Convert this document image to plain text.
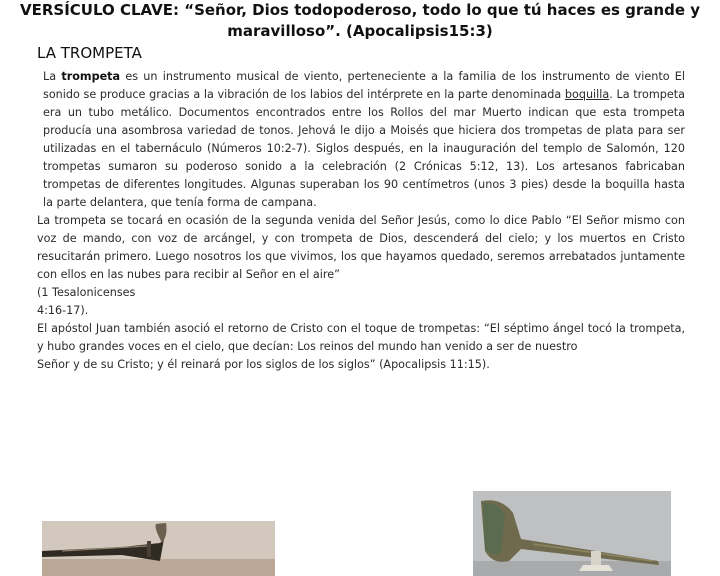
VERSÍCULO CLAVE: “Señor, Dios todopoderoso, todo lo que tú haces es grande y
maravilloso”. (Apocalipsis15:3)
LA TROMPETA

La trompeta es un instrumento musical de viento, perteneciente a la familia de los instrumento de viento El sonido se produce gracias a la vibración de los labios del intérprete en la parte denominada boquilla. La trompeta era un tubo metálico. Documentos encontrados entre los Rollos del mar Muerto indican que esta trompeta producía una asombrosa variedad de tonos. Jehová le dijo a Moisés que hiciera dos trompetas de plata para ser utilizadas en el tabernáculo (Números 10:2-7). Siglos después, en la inauguración del templo de Salomón, 120 trompetas sumaron su poderoso sonido a la celebración (2 Crónicas 5:12, 13). Los artesanos fabricaban trompetas de diferentes longitudes. Algunas superaban los 90 centímetros (unos 3 pies) desde la boquilla hasta la parte delantera, que tenía forma de campana.

La trompeta se tocará en ocasión de la segunda venida del Señor Jesús, como lo dice Pablo “El Señor mismo con voz de mando, con voz de arcángel, y con trompeta de Dios, descenderá del cielo; y los muertos en Cristo resucitarán primero. Luego nosotros los que vivimos, los que hayamos quedado, seremos arrebatados juntamente con ellos en las nubes para recibir al Señor en el aire”

(1 Tesalonicenses

4:16-17).

El apóstol Juan también asoció el retorno de Cristo con el toque de trompetas: “El séptimo ángel tocó la trompeta, y hubo grandes voces en el cielo, que decían: Los reinos del mundo han venido a ser de nuestro

Señor y de su Cristo; y él reinará por los siglos de los siglos” (Apocalipsis 11:15).
